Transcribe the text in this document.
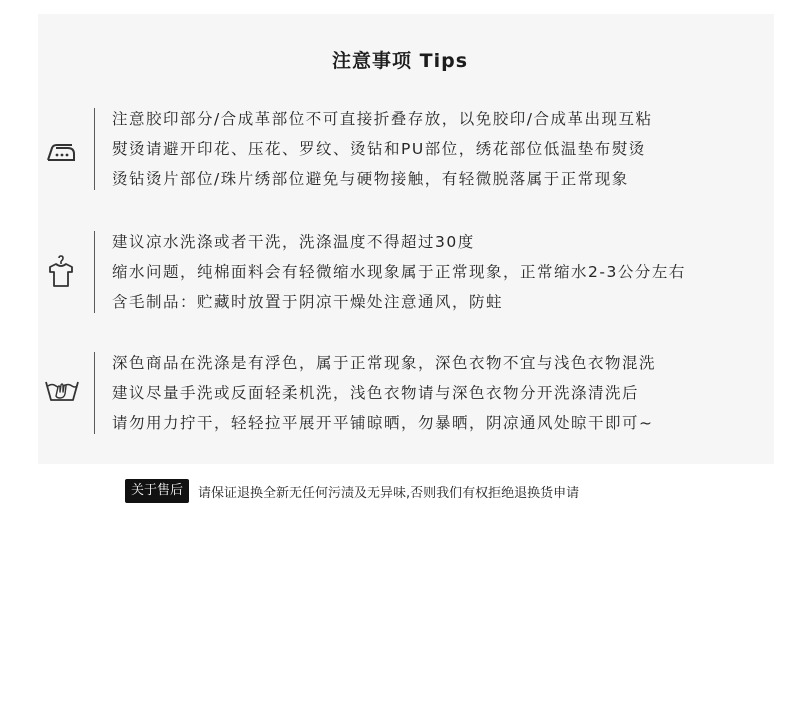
注意事项 Tips
注意胶印部分/合成革部位不可直接折叠存放，以免胶印/合成革出现互粘
熨烫请避开印花、压花、罗纹、烫钻和PU部位，绣花部位低温垫布熨烫
烫钻烫片部位/珠片绣部位避免与硬物接触，有轻微脱落属于正常现象
建议凉水洗涤或者干洗，洗涤温度不得超过30度
缩水问题，纯棉面料会有轻微缩水现象属于正常现象，正常缩水2-3公分左右
含毛制品：贮藏时放置于阴凉干燥处注意通风，防蛀
深色商品在洗涤是有浮色，属于正常现象，深色衣物不宜与浅色衣物混洗
建议尽量手洗或反面轻柔机洗，浅色衣物请与深色衣物分开洗涤清洗后
请勿用力拧干，轻轻拉平展开平铺晾晒，勿暴晒，阴凉通风处晾干即可~
关于售后	请保证退换全新无任何污渍及无异味,否则我们有权拒绝退换货申请
